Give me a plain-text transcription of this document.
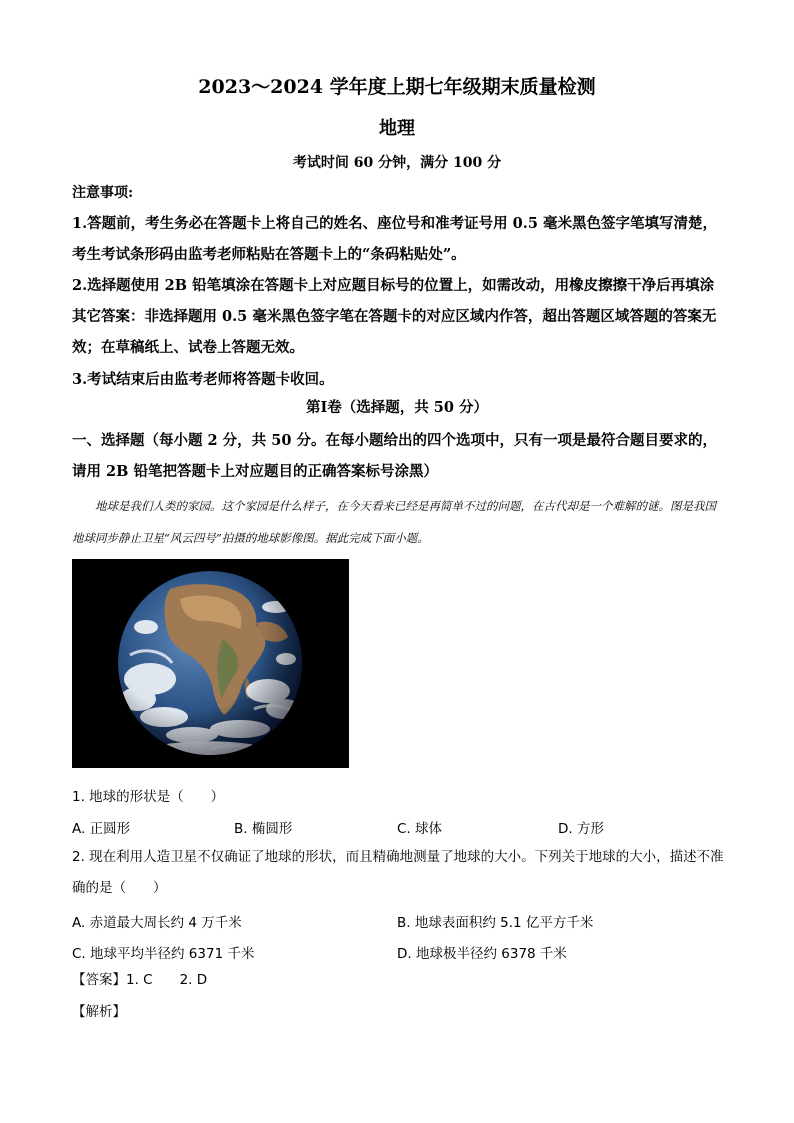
2023～2024 学年度上期七年级期末质量检测
地理
考试时间 60 分钟，满分 100 分
注意事项:
1.答题前，考生务必在答题卡上将自己的姓名、座位号和准考证号用 0.5 毫米黑色签字笔填写清楚，考生考试条形码由监考老师粘贴在答题卡上的“条码粘贴处”。
2.选择题使用 2B 铅笔填涂在答题卡上对应题目标号的位置上，如需改动，用橡皮擦擦干净后再填涂其它答案：非选择题用 0.5 毫米黑色签字笔在答题卡的对应区域内作答，超出答题区域答题的答案无效；在草稿纸上、试卷上答题无效。
3.考试结束后由监考老师将答题卡收回。
第Ⅰ卷（选择题，共 50 分）
一、选择题（每小题 2 分，共 50 分。在每小题给出的四个选项中，只有一项是最符合题目要求的，请用 2B 铅笔把答题卡上对应题目的正确答案标号涂黑）
地球是我们人类的家园。这个家园是什么样子，在今天看来已经是再简单不过的问题，在古代却是一个难解的谜。图是我国地球同步静止卫星“风云四号”拍摄的地球影像图。据此完成下面小题。
1. 地球的形状是（　　）
A. 正圆形	B. 椭圆形	C. 球体	D. 方形
2. 现在利用人造卫星不仅确证了地球的形状，而且精确地测量了地球的大小。下列关于地球的大小，描述不准确的是（　　）
A. 赤道最大周长约 4 万千米	B. 地球表面积约 5.1 亿平方千米
C. 地球平均半径约 6371 千米	D. 地球极半径约 6378 千米
【答案】1. C　　2. D
【解析】
